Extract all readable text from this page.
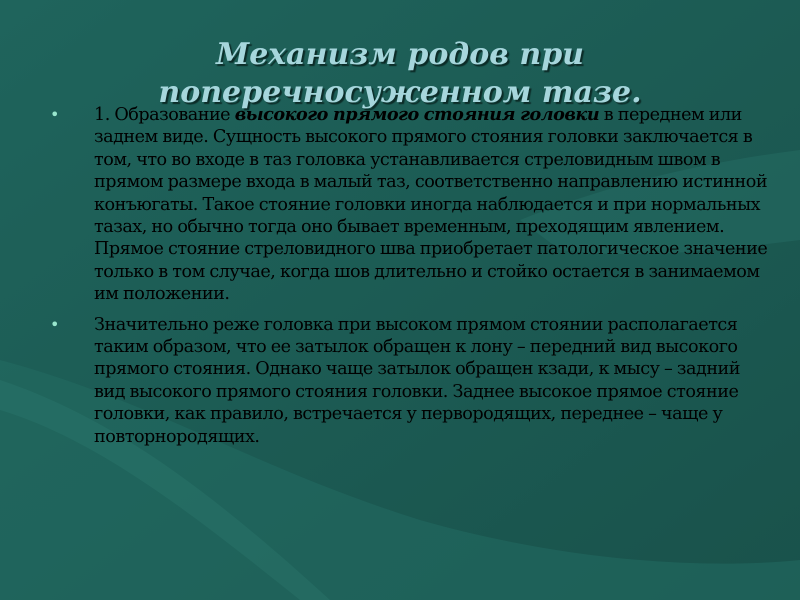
Механизм родов при
поперечносуженном тазе.
• 1. Образование высокого прямого стояния головки в переднем или заднем виде. Сущность высокого прямого стояния головки заключается в том, что во входе в таз головка устанавливается стреловидным швом в прямом размере входа в малый таз, соответственно направлению истинной конъюгаты. Такое стояние головки иногда наблюдается и при нормальных тазах, но обычно тогда оно бывает временным, преходящим явлением. Прямое стояние стреловидного шва приобретает патологическое значение только в том случае, когда шов длительно и стойко остается в занимаемом им положении.
• Значительно реже головка при высоком прямом стоянии располагается таким образом, что ее затылок обращен к лону – передний вид высокого прямого стояния. Однако чаще затылок обращен кзади, к мысу – задний вид высокого прямого стояния головки. Заднее высокое прямое стояние головки, как правило, встречается у первородящих, переднее – чаще у повторнородящих.
